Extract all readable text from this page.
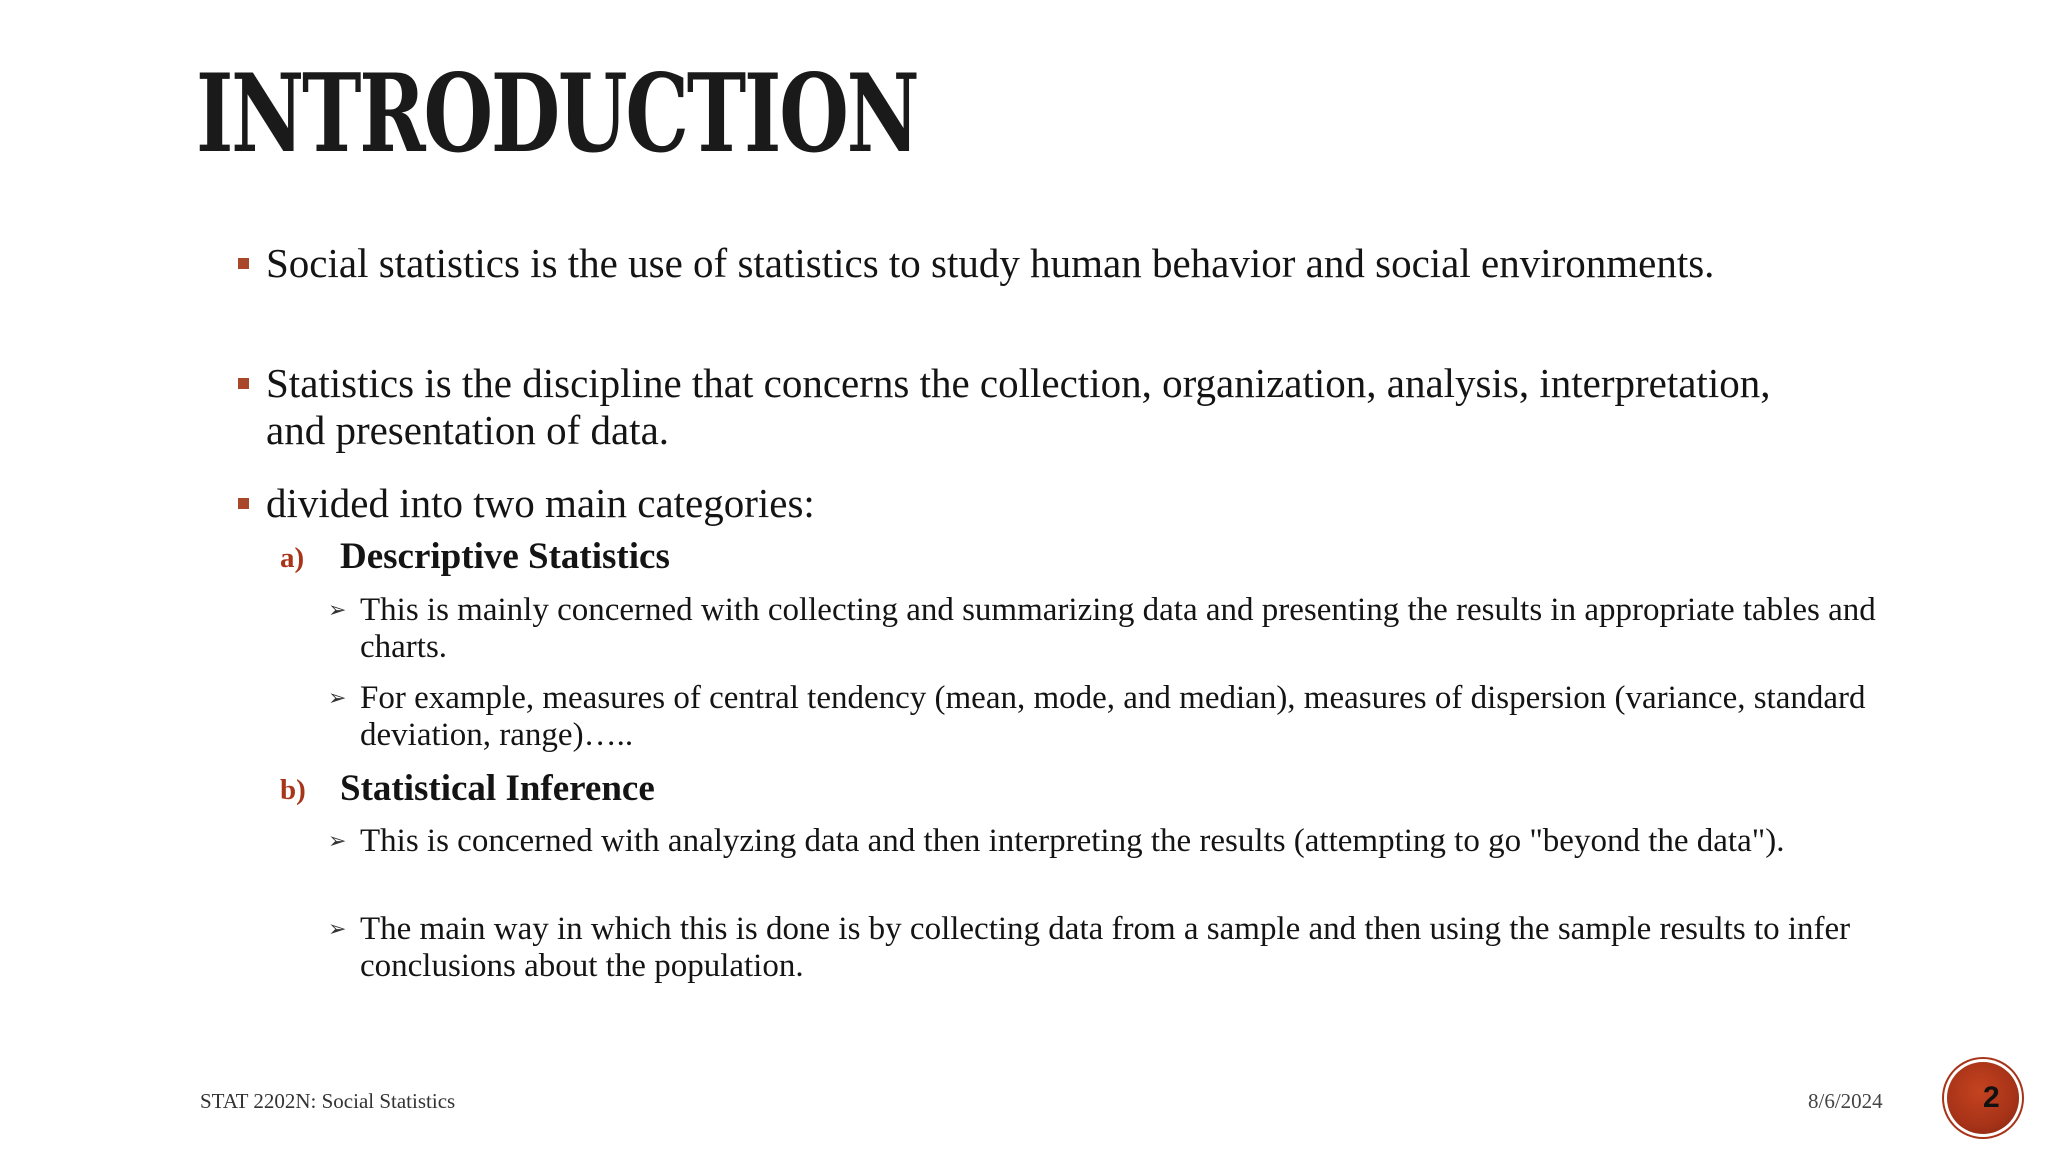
INTRODUCTION
Social statistics is the use of statistics to study human behavior and social environments.
Statistics is the discipline that concerns the collection, organization, analysis, interpretation, and presentation of data.
divided into two main categories:
a) Descriptive Statistics
➢ This is mainly concerned with collecting and summarizing data and presenting the results in appropriate tables and charts.
➢ For example, measures of central tendency (mean, mode, and median), measures of dispersion (variance, standard deviation, range)…..
b) Statistical Inference
➢ This is concerned with analyzing data and then interpreting the results (attempting to go "beyond the data").
➢ The main way in which this is done is by collecting data from a sample and then using the sample results to infer conclusions about the population.
STAT 2202N: Social Statistics	8/6/2024	2
